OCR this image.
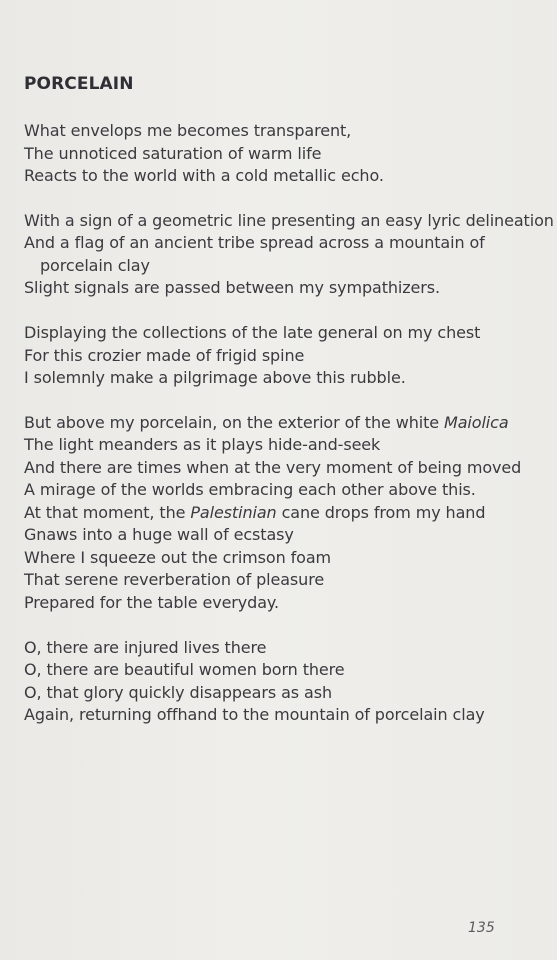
PORCELAIN
What envelops me becomes transparent,
The unnoticed saturation of warm life
Reacts to the world with a cold metallic echo.
With a sign of a geometric line presenting an easy lyric delineation
And a flag of an ancient tribe spread across a mountain of
porcelain clay
Slight signals are passed between my sympathizers.
Displaying the collections of the late general on my chest
For this crozier made of frigid spine
I solemnly make a pilgrimage above this rubble.
But above my porcelain, on the exterior of the white Maiolica
The light meanders as it plays hide-and-seek
And there are times when at the very moment of being moved
A mirage of the worlds embracing each other above this.
At that moment, the Palestinian cane drops from my hand
Gnaws into a huge wall of ecstasy
Where I squeeze out the crimson foam
That serene reverberation of pleasure
Prepared for the table everyday.
O, there are injured lives there
O, there are beautiful women born there
O, that glory quickly disappears as ash
Again, returning offhand to the mountain of porcelain clay
135
